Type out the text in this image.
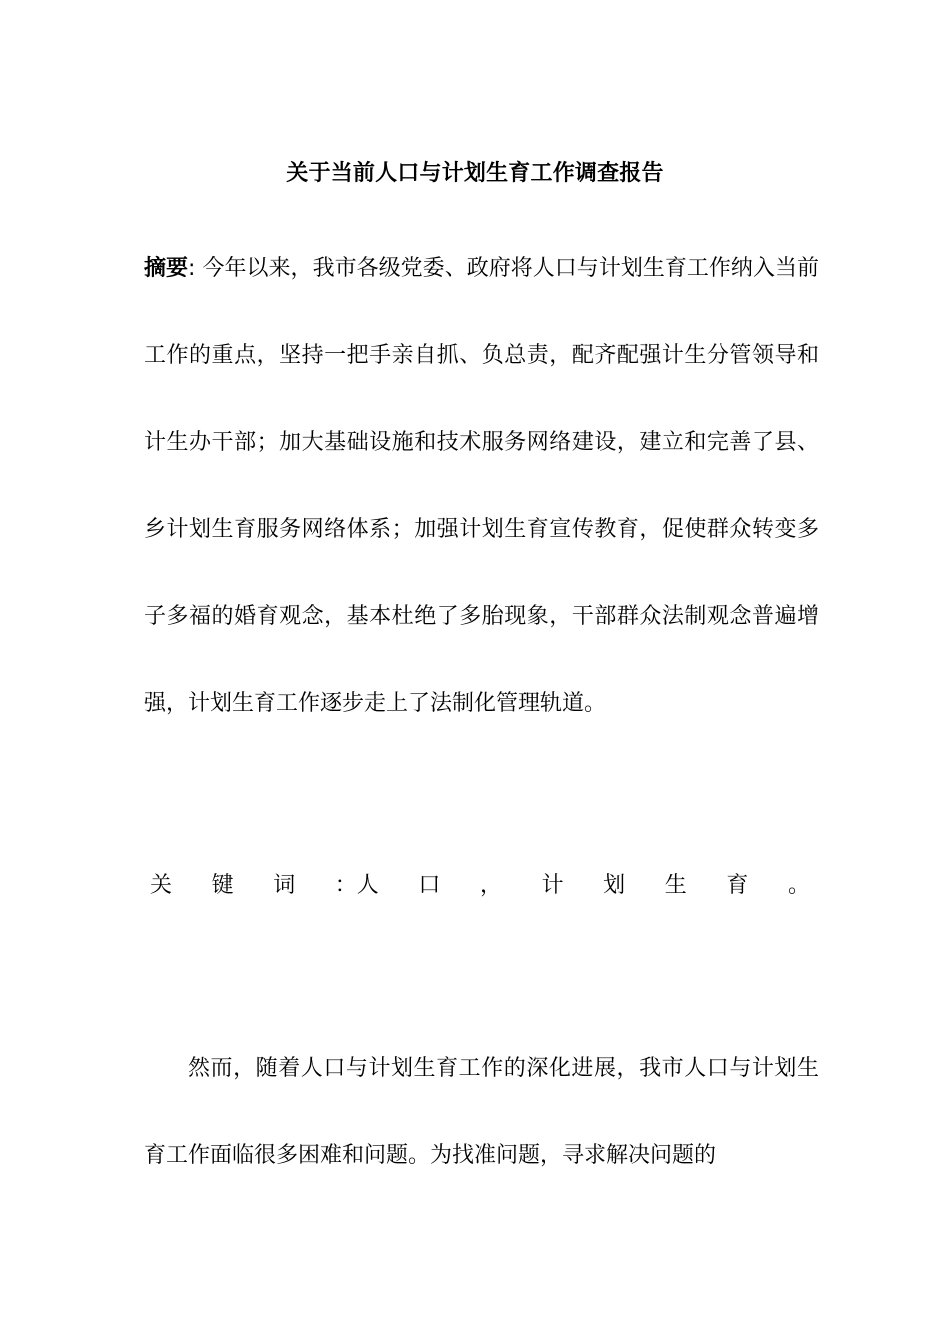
关于当前人口与计划生育工作调查报告
摘要: 今年以来，我市各级党委、政府将人口与计划生育工作纳入当前工作的重点，坚持一把手亲自抓、负总责，配齐配强计生分管领导和计生办干部；加大基础设施和技术服务网络建设，建立和完善了县、乡计划生育服务网络体系；加强计划生育宣传教育，促使群众转变多子多福的婚育观念，基本杜绝了多胎现象，干部群众法制观念普遍增强，计划生育工作逐步走上了法制化管理轨道。
关 键 词 ：人 口 ， 计 划 生 育 。
然而，随着人口与计划生育工作的深化进展，我市人口与计划生育工作面临很多困难和问题。为找准问题，寻求解决问题的
